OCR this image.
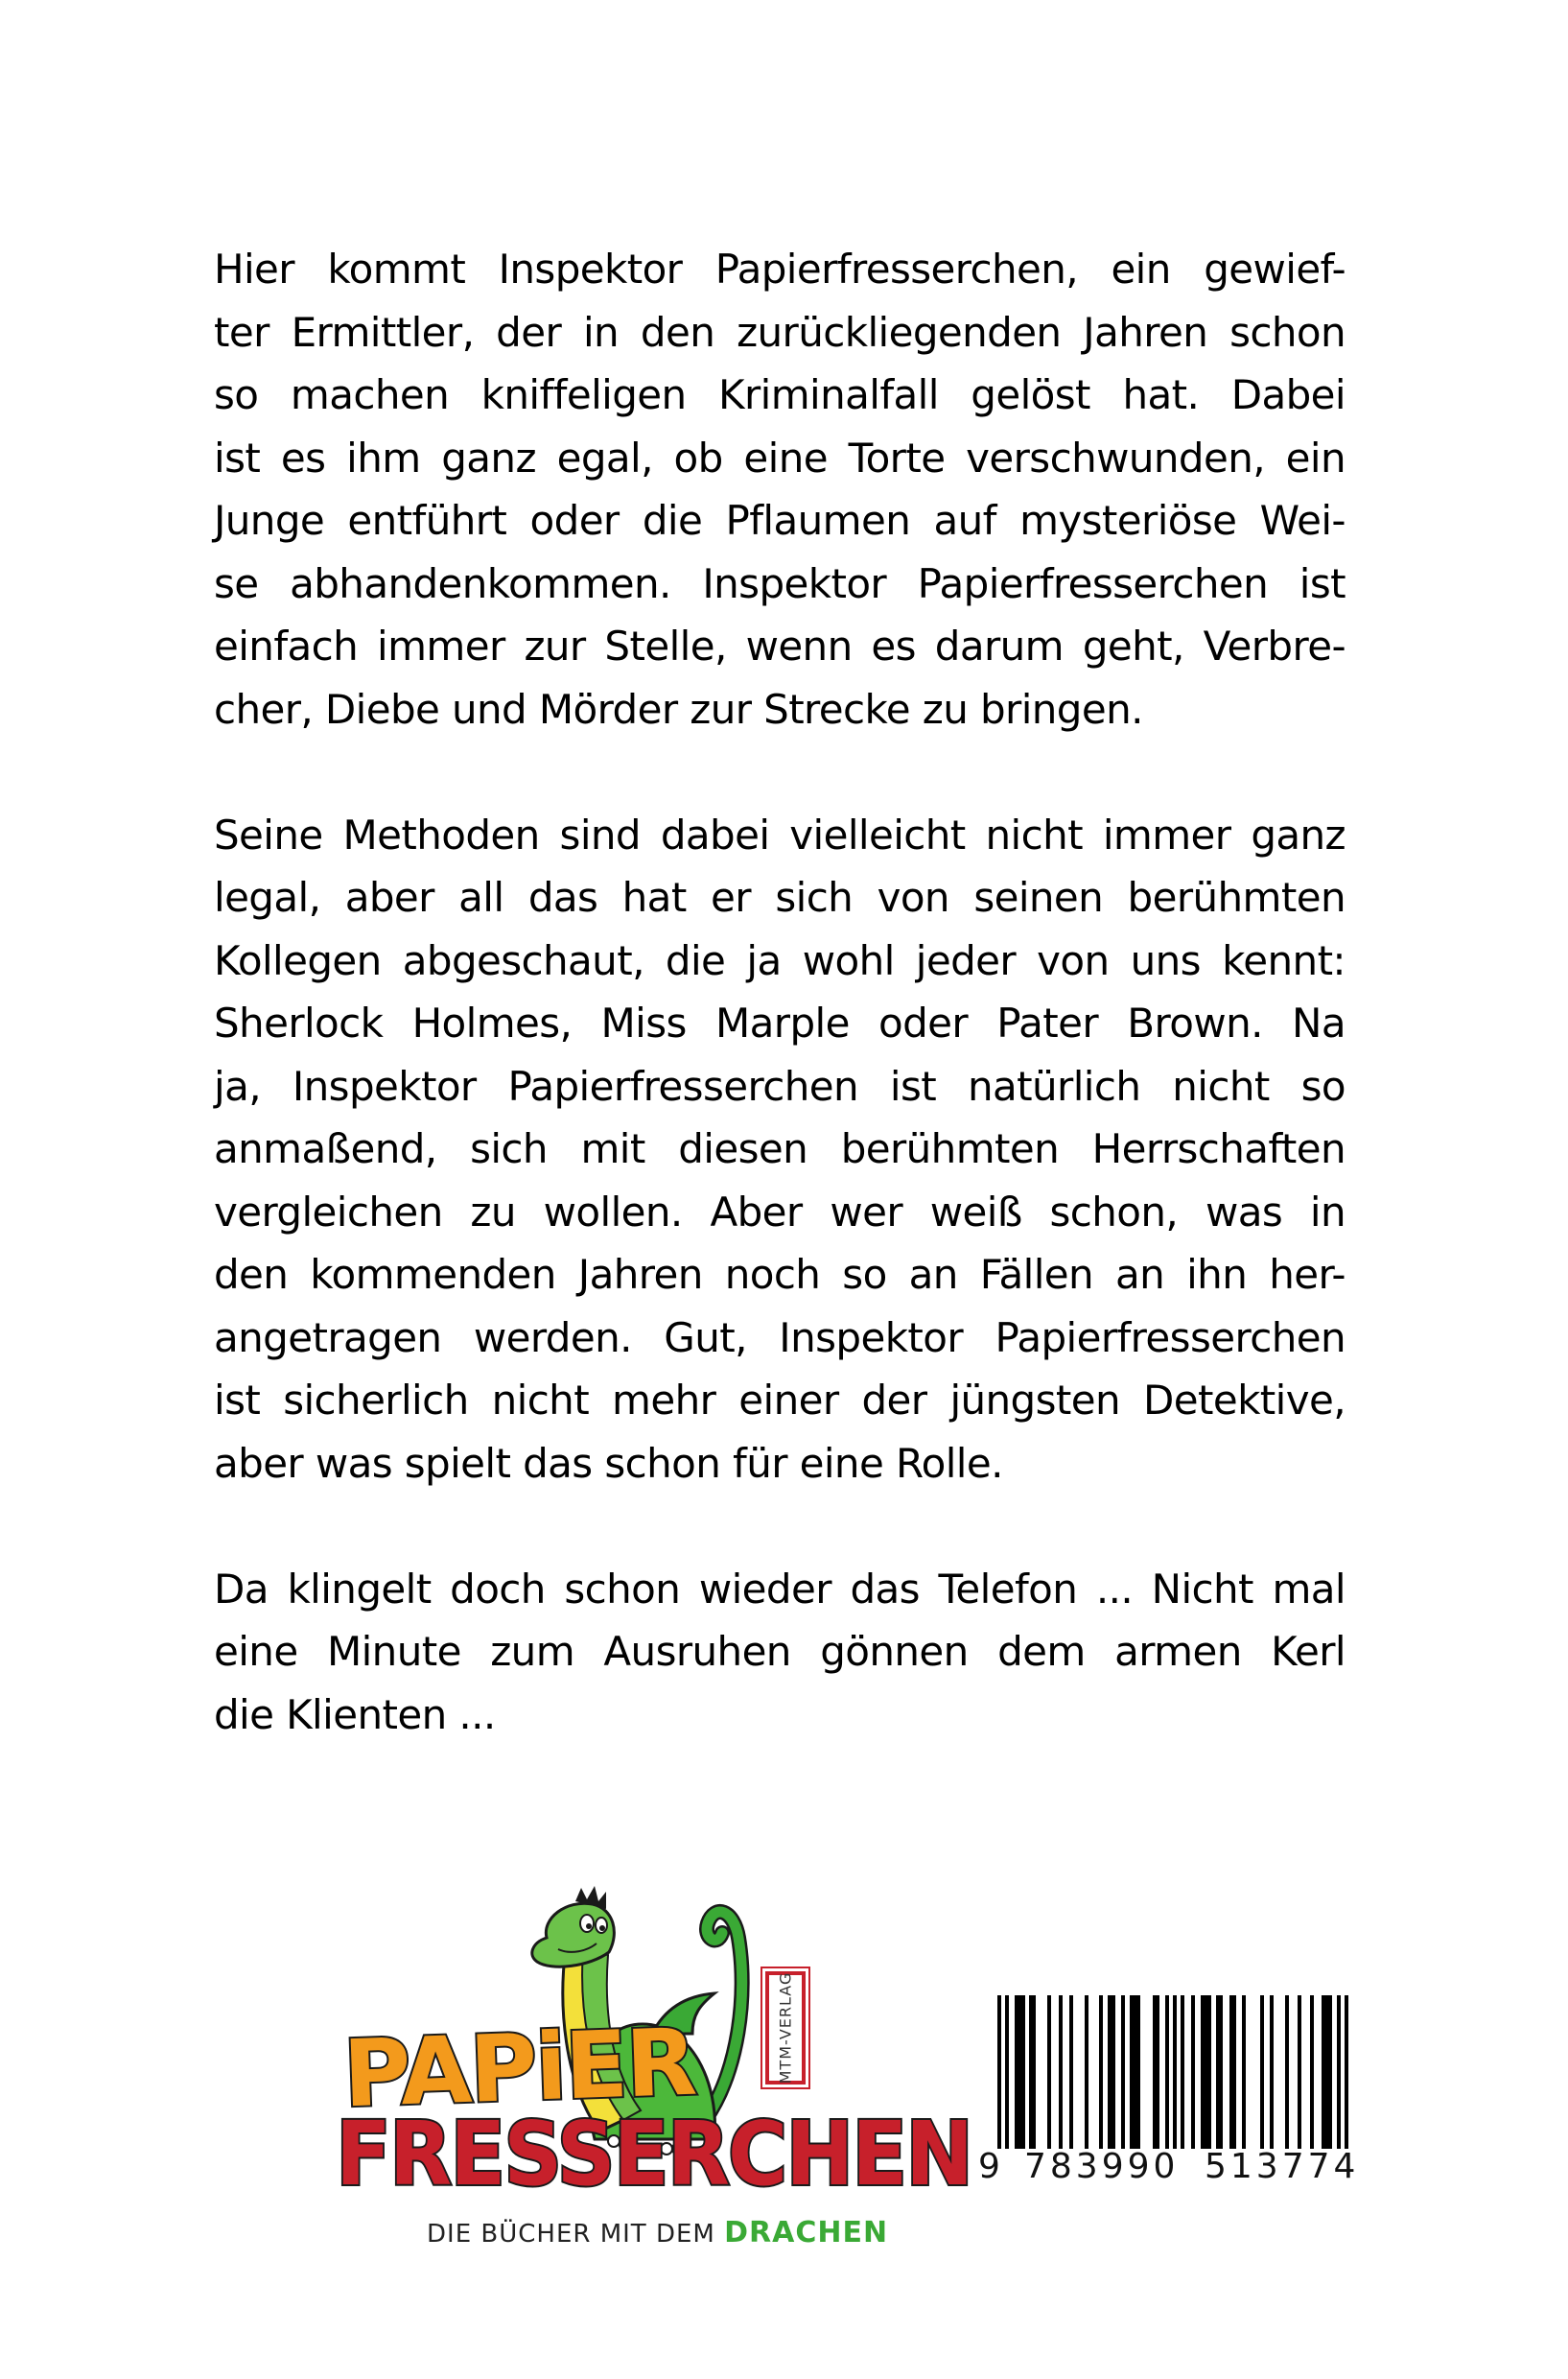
Hier kommt Inspektor Papierfresserchen, ein gewief-
ter Ermittler, der in den zurückliegenden Jahren schon
so machen kniffeligen Kriminalfall gelöst hat. Dabei
ist es ihm ganz egal, ob eine Torte verschwunden, ein
Junge entführt oder die Pflaumen auf mysteriöse Wei-
se abhandenkommen. Inspektor Papierfresserchen ist
einfach immer zur Stelle, wenn es darum geht, Verbre-
cher, Diebe und Mörder zur Strecke zu bringen.

Seine Methoden sind dabei vielleicht nicht immer ganz
legal, aber all das hat er sich von seinen berühmten
Kollegen abgeschaut, die ja wohl jeder von uns kennt:
Sherlock Holmes, Miss Marple oder Pater Brown. Na
ja, Inspektor Papierfresserchen ist natürlich nicht so
anmaßend, sich mit diesen berühmten Herrschaften
vergleichen zu wollen. Aber wer weiß schon, was in
den kommenden Jahren noch so an Fällen an ihn her-
angetragen werden. Gut, Inspektor Papierfresserchen
ist sicherlich nicht mehr einer der jüngsten Detektive,
aber was spielt das schon für eine Rolle.

Da klingelt doch schon wieder das Telefon ... Nicht mal
eine Minute zum Ausruhen gönnen dem armen Kerl
die Klienten ...

MTM-VERLAG
PAPiER
FRESSERCHEN
DIE BÜCHER MIT DEM DRACHEN
9 783990 513774
